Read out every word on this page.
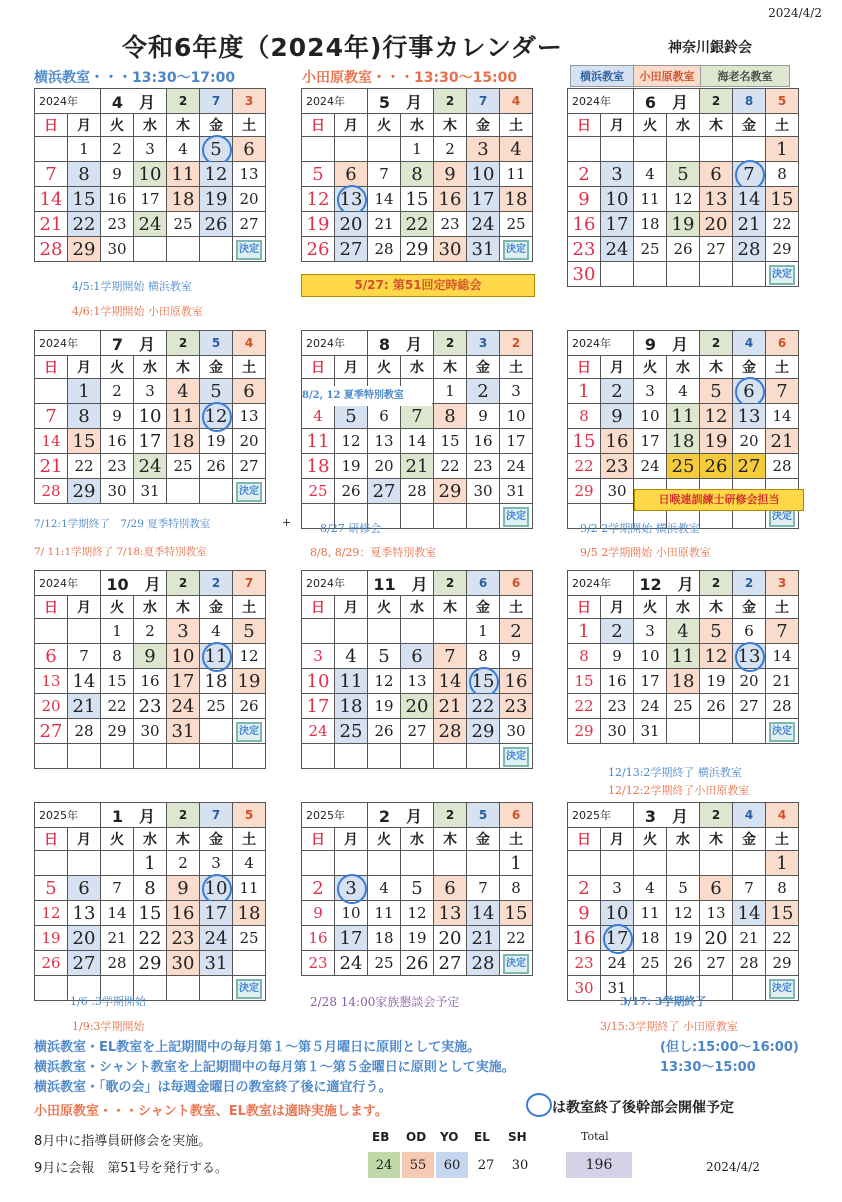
2024/4/2
令和6年度（2024年)行事カレンダー	神奈川銀鈴会
横浜教室・・・13:30～17:00	小田原教室・・・13:30～15:00	横浜教室	小田原教室	海老名教室
2024年		4　月		2	7	3
日	月	火	水	木	金	土
	1	2	3	4	5	6
7	8	9	10	11	12	13
14	15	16	17	18	19	20
21	22	23	24	25	26	27
28	29	30				決定
2024年		5　月		2	7	4
日	月	火	水	木	金	土
			1	2	3	4
5	6	7	8	9	10	11
12	13	14	15	16	17	18
19	20	21	22	23	24	25
26	27	28	29	30	31	決定
2024年		6　月		2	8	5
日	月	火	水	木	金	土
						1
2	3	4	5	6	7	8
9	10	11	12	13	14	15
16	17	18	19	20	21	22
23	24	25	26	27	28	29
30						決定
2024年		7　月		2	5	4
日	月	火	水	木	金	土
	1	2	3	4	5	6
7	8	9	10	11	12	13
14	15	16	17	18	19	20
21	22	23	24	25	26	27
28	29	30	31			決定
2024年		8　月		2	3	2
日	月	火	水	木	金	土
				1	2	3
4	5	6	7	8	9	10
11	12	13	14	15	16	17
18	19	20	21	22	23	24
25	26	27	28	29	30	31
						決定
2024年		9　月		2	4	6
日	月	火	水	木	金	土
1	2	3	4	5	6	7
8	9	10	11	12	13	14
15	16	17	18	19	20	21
22	23	24	25	26	27	28
29	30					
						決定
2024年		10　月		2	2	7
日	月	火	水	木	金	土
		1	2	3	4	5
6	7	8	9	10	11	12
13	14	15	16	17	18	19
20	21	22	23	24	25	26
27	28	29	30	31		決定

2024年		11　月		2	6	6
日	月	火	水	木	金	土
					1	2
3	4	5	6	7	8	9
10	11	12	13	14	15	16
17	18	19	20	21	22	23
24	25	26	27	28	29	30
						決定
2024年		12　月		2	2	3
日	月	火	水	木	金	土
1	2	3	4	5	6	7
8	9	10	11	12	13	14
15	16	17	18	19	20	21
22	23	24	25	26	27	28
29	30	31				決定
2025年		1　月		2	7	5
日	月	火	水	木	金	土
			1	2	3	4
5	6	7	8	9	10	11
12	13	14	15	16	17	18
19	20	21	22	23	24	25
26	27	28	29	30	31	
						決定
2025年		2　月		2	5	6
日	月	火	水	木	金	土
						1
2	3	4	5	6	7	8
9	10	11	12	13	14	15
16	17	18	19	20	21	22
23	24	25	26	27	28	決定
2025年		3　月		2	4	4
日	月	火	水	木	金	土
						1
2	3	4	5	6	7	8
9	10	11	12	13	14	15
16	17	18	19	20	21	22
23	24	25	26	27	28	29
30	31					決定
4/5:1学期開始 横浜教室
4/6:1学期開始 小田原教室
5/27: 第51回定時総会
7/12:1学期終了　7/29 夏季特別教室	+
7/ 11:1学期終了 7/18:夏季特別教室
8/27 研修会
8/8, 8/29：夏季特別教室
日喉連訓練士研修会担当
9/2 2学期開始 横浜教室
9/5 2学期開始 小田原教室
12/13:2学期終了 横浜教室
12/12:2学期終了小田原教室
1/6 :3学期開始
1/9:3学期開始
2/28 14:00家族懇談会予定	3/17: 3学期終了
3/15:3学期終了 小田原教室
横浜教室・EL教室を上記期間中の毎月第１～第５月曜日に原則として実施。	(但し:15:00～16:00)
横浜教室・シャント教室を上記期間中の毎月第１～第５金曜日に原則として実施。	13:30～15:00
横浜教室・「歌の会」は毎週金曜日の教室終了後に適宜行う。
小田原教室・・・シャント教室、EL教室は適時実施します。	は教室終了後幹部会開催予定
8月中に指導員研修会を実施。
9月に会報　第51号を発行する。
EB
24
OD
55
YO
60
EL
27
SH
30
Total
196	2024/4/2
8/2, 12 夏季特別教室
